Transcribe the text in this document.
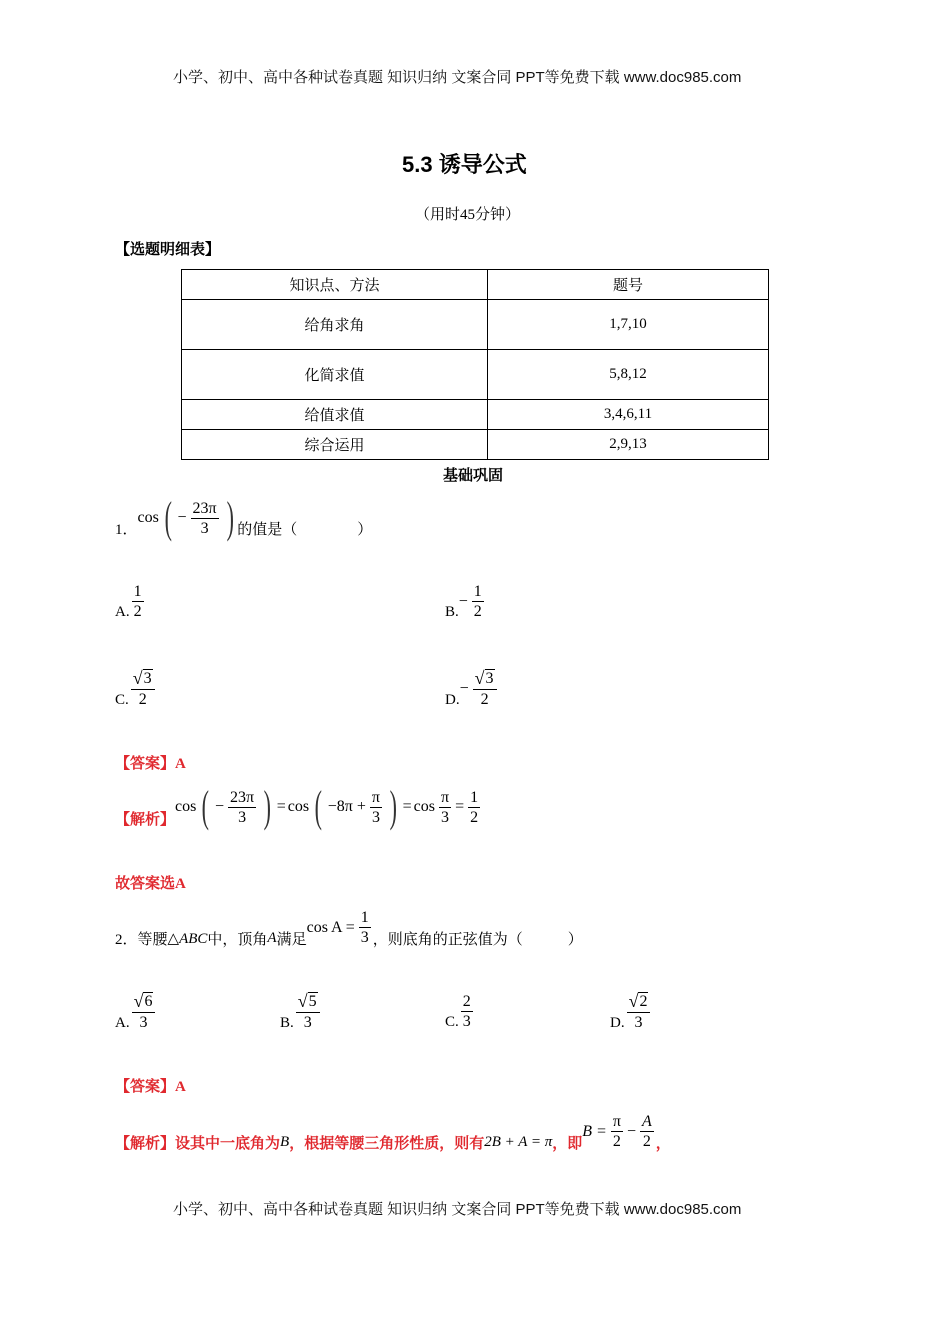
小学、初中、高中各种试卷真题 知识归纳 文案合同 PPT等免费下载 www.doc985.com
5.3 诱导公式
（用时45分钟）
【选题明细表】
知识点、方法	题号
给角求角	1,7,10
化简求值	5,8,12
给值求值	3,4,6,11
综合运用	2,9,13
基础巩固
1．
cos ( − $\frac{23\pi}{3}$ ) 的值是（　　　　）
A. $\frac{1}{2}$	B.
− $\frac{1}{2}$
C. $\frac{√ 3}{2}$	D.
− $\frac{√ 3}{2}$
【答案】A
【解析】
cos ( − $\frac{23\pi}{3}$ ) = cos ( $-8\pi + \frac{\pi}{3}$ ) = $\cos \frac{\pi}{3} = \frac{1}{2}$
故答案选A
2． 等腰 △ABC 中，顶角 A 满足
$\cos A = \frac{1}{3}$ ，则底角的正弦值为（　　　）
A. $\frac{√ 6}{3}$	B. $\frac{√ 5}{3}$	C. $\frac{2}{3}$	D. $\frac{√ 2}{3}$
【答案】A
【解析】 设其中一底角为 B ，根据等腰三角形性质，则有 2B + A = π ，即
$B = \frac{\pi}{2} - \frac{A}{2}$ ，
小学、初中、高中各种试卷真题 知识归纳 文案合同 PPT等免费下载 www.doc985.com
